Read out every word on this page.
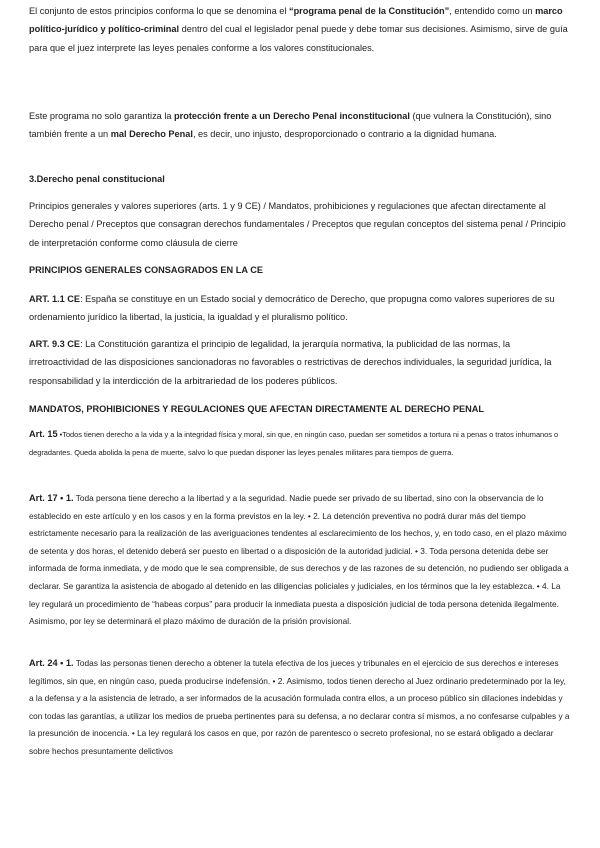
El conjunto de estos principios conforma lo que se denomina el “programa penal de la Constitución”, entendido como un marco político-jurídico y político-criminal dentro del cual el legislador penal puede y debe tomar sus decisiones. Asimismo, sirve de guía para que el juez interprete las leyes penales conforme a los valores constitucionales.

Este programa no solo garantiza la protección frente a un Derecho Penal inconstitucional (que vulnera la Constitución), sino también frente a un mal Derecho Penal, es decir, uno injusto, desproporcionado o contrario a la dignidad humana.

3.Derecho penal constitucional

Principios generales y valores superiores (arts. 1 y 9 CE) / Mandatos, prohibiciones y regulaciones que afectan directamente al Derecho penal / Preceptos que consagran derechos fundamentales / Preceptos que regulan conceptos del sistema penal / Principio de interpretación conforme como cláusula de cierre

PRINCIPIOS GENERALES CONSAGRADOS EN LA CE

ART. 1.1 CE: España se constituye en un Estado social y democrático de Derecho, que propugna como valores superiores de su ordenamiento jurídico la libertad, la justicia, la igualdad y el pluralismo político.

ART. 9.3 CE: La Constitución garantiza el principio de legalidad, la jerarquía normativa, la publicidad de las normas, la irretroactividad de las disposiciones sancionadoras no favorables o restrictivas de derechos individuales, la seguridad jurídica, la responsabilidad y la interdicción de la arbitrariedad de los poderes públicos.

MANDATOS, PROHIBICIONES Y REGULACIONES QUE AFECTAN DIRECTAMENTE AL DERECHO PENAL

Art. 15 •Todos tienen derecho a la vida y a la integridad física y moral, sin que, en ningún caso, puedan ser sometidos a tortura ni a penas o tratos inhumanos o degradantes. Queda abolida la pena de muerte, salvo lo que puedan disponer las leyes penales militares para tiempos de guerra.

Art. 17 • 1. Toda persona tiene derecho a la libertad y a la seguridad. Nadie puede ser privado de su libertad, sino con la observancia de lo establecido en este artículo y en los casos y en la forma previstos en la ley. • 2. La detención preventiva no podrá durar más del tiempo estrictamente necesario para la realización de las averiguaciones tendentes al esclarecimiento de los hechos, y, en todo caso, en el plazo máximo de setenta y dos horas, el detenido deberá ser puesto en libertad o a disposición de la autoridad judicial. • 3. Toda persona detenida debe ser informada de forma inmediata, y de modo que le sea comprensible, de sus derechos y de las razones de su detención, no pudiendo ser obligada a declarar. Se garantiza la asistencia de abogado al detenido en las diligencias policiales y judiciales, en los términos que la ley establezca. • 4. La ley regulará un procedimiento de “habeas corpus” para producir la inmediata puesta a disposición judicial de toda persona detenida ilegalmente. Asimismo, por ley se determinará el plazo máximo de duración de la prisión provisional.

Art. 24 • 1. Todas las personas tienen derecho a obtener la tutela efectiva de los jueces y tribunales en el ejercicio de sus derechos e intereses legítimos, sin que, en ningún caso, pueda producirse indefensión. • 2. Asimismo, todos tienen derecho al Juez ordinario predeterminado por la ley, a la defensa y a la asistencia de letrado, a ser informados de la acusación formulada contra ellos, a un proceso público sin dilaciones indebidas y con todas las garantías, a utilizar los medios de prueba pertinentes para su defensa, a no declarar contra sí mismos, a no confesarse culpables y a la presunción de inocencia. • La ley regulará los casos en que, por razón de parentesco o secreto profesional, no se estará obligado a declarar sobre hechos presuntamente delictivos
